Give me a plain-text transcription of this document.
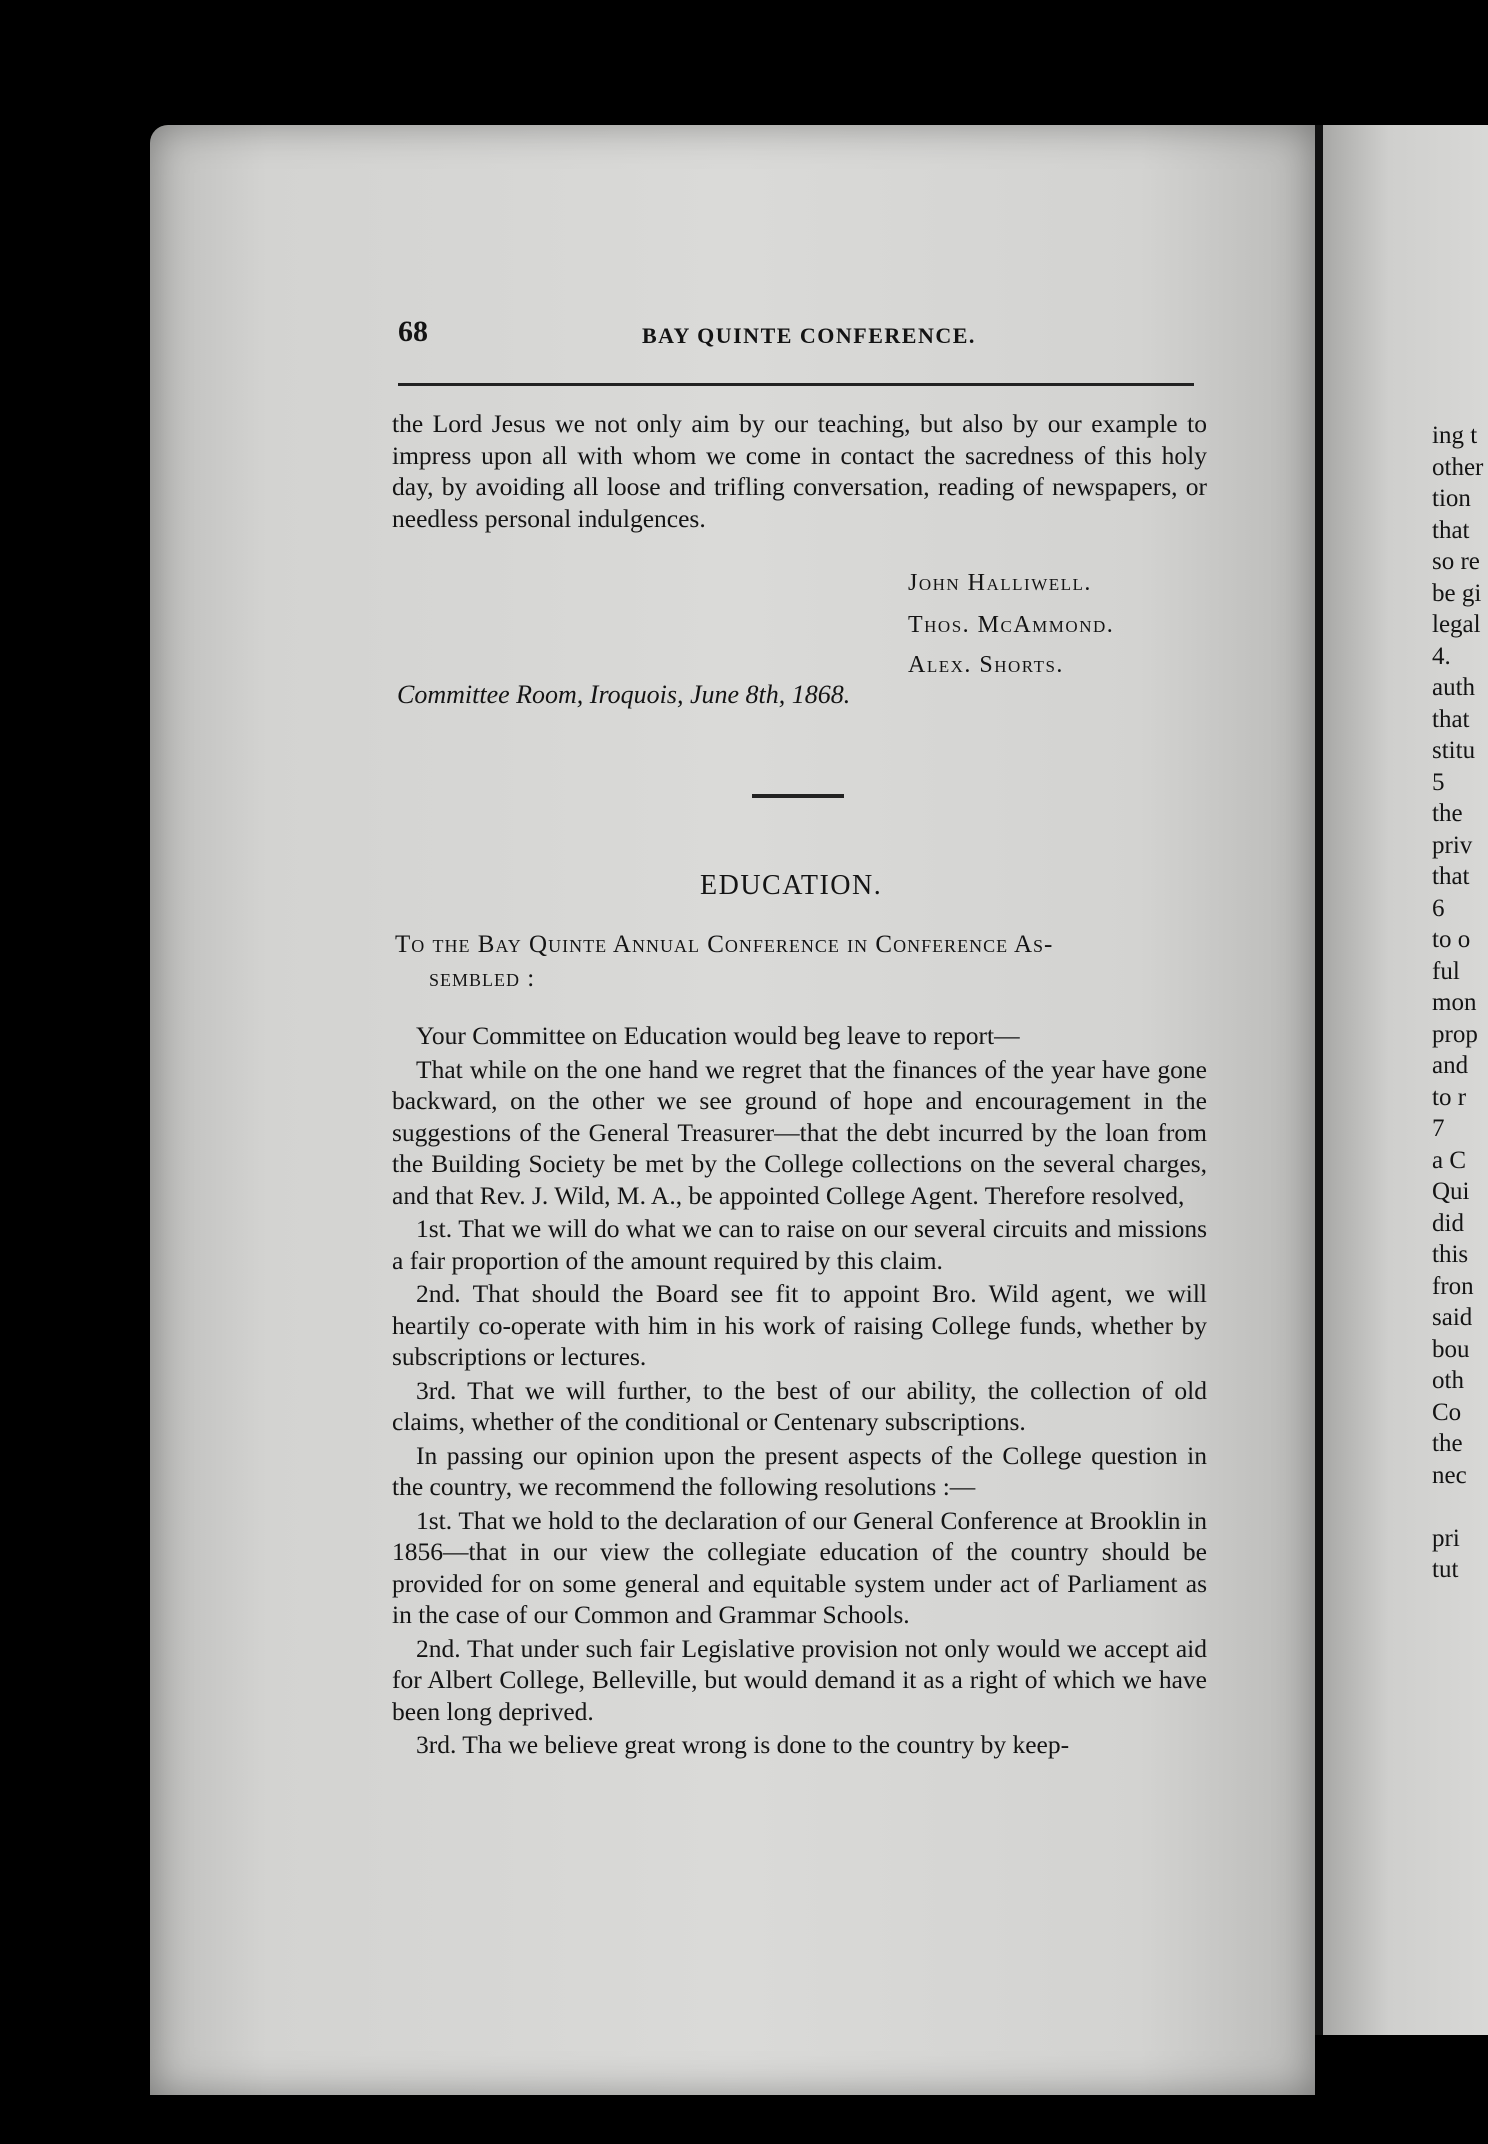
68	BAY QUINTE CONFERENCE.

the Lord Jesus we not only aim by our teaching, but also by our example to impress upon all with whom we come in contact the sacredness of this holy day, by avoiding all loose and trifling conversation, reading of newspapers, or needless personal indulgences.

John Halliwell.
Thos. McAmmond.
Alex. Shorts.
Committee Room, Iroquois, June 8th, 1868.
EDUCATION.
To the Bay Quinte Annual Conference in Conference As-
sembled :

Your Committee on Education would beg leave to report—

That while on the one hand we regret that the finances of the year have gone backward, on the other we see ground of hope and encouragement in the suggestions of the General Treasurer—that the debt incurred by the loan from the Building Society be met by the College collections on the several charges, and that Rev. J. Wild, M. A., be appointed College Agent. Therefore resolved,

1st. That we will do what we can to raise on our several circuits and missions a fair proportion of the amount required by this claim.

2nd. That should the Board see fit to appoint Bro. Wild agent, we will heartily co-operate with him in his work of raising College funds, whether by subscriptions or lectures.

3rd. That we will further, to the best of our ability, the collection of old claims, whether of the conditional or Centenary subscriptions.

In passing our opinion upon the present aspects of the College question in the country, we recommend the following resolutions :—

1st. That we hold to the declaration of our General Conference at Brooklin in 1856—that in our view the collegiate education of the country should be provided for on some general and equitable system under act of Parliament as in the case of our Common and Grammar Schools.

2nd. That under such fair Legislative provision not only would we accept aid for Albert College, Belleville, but would demand it as a right of which we have been long deprived.

3rd. Tha we believe great wrong is done to the country by keep-

ing t
other
tion
that
so re
be gi
legal
4.
auth
that
stitu
5
the
priv
that
6
to o
ful
mon
prop
and
to r
7
a C
Qui
did
this
fron
said
bou
oth
Co
the
nec
pri
tut
